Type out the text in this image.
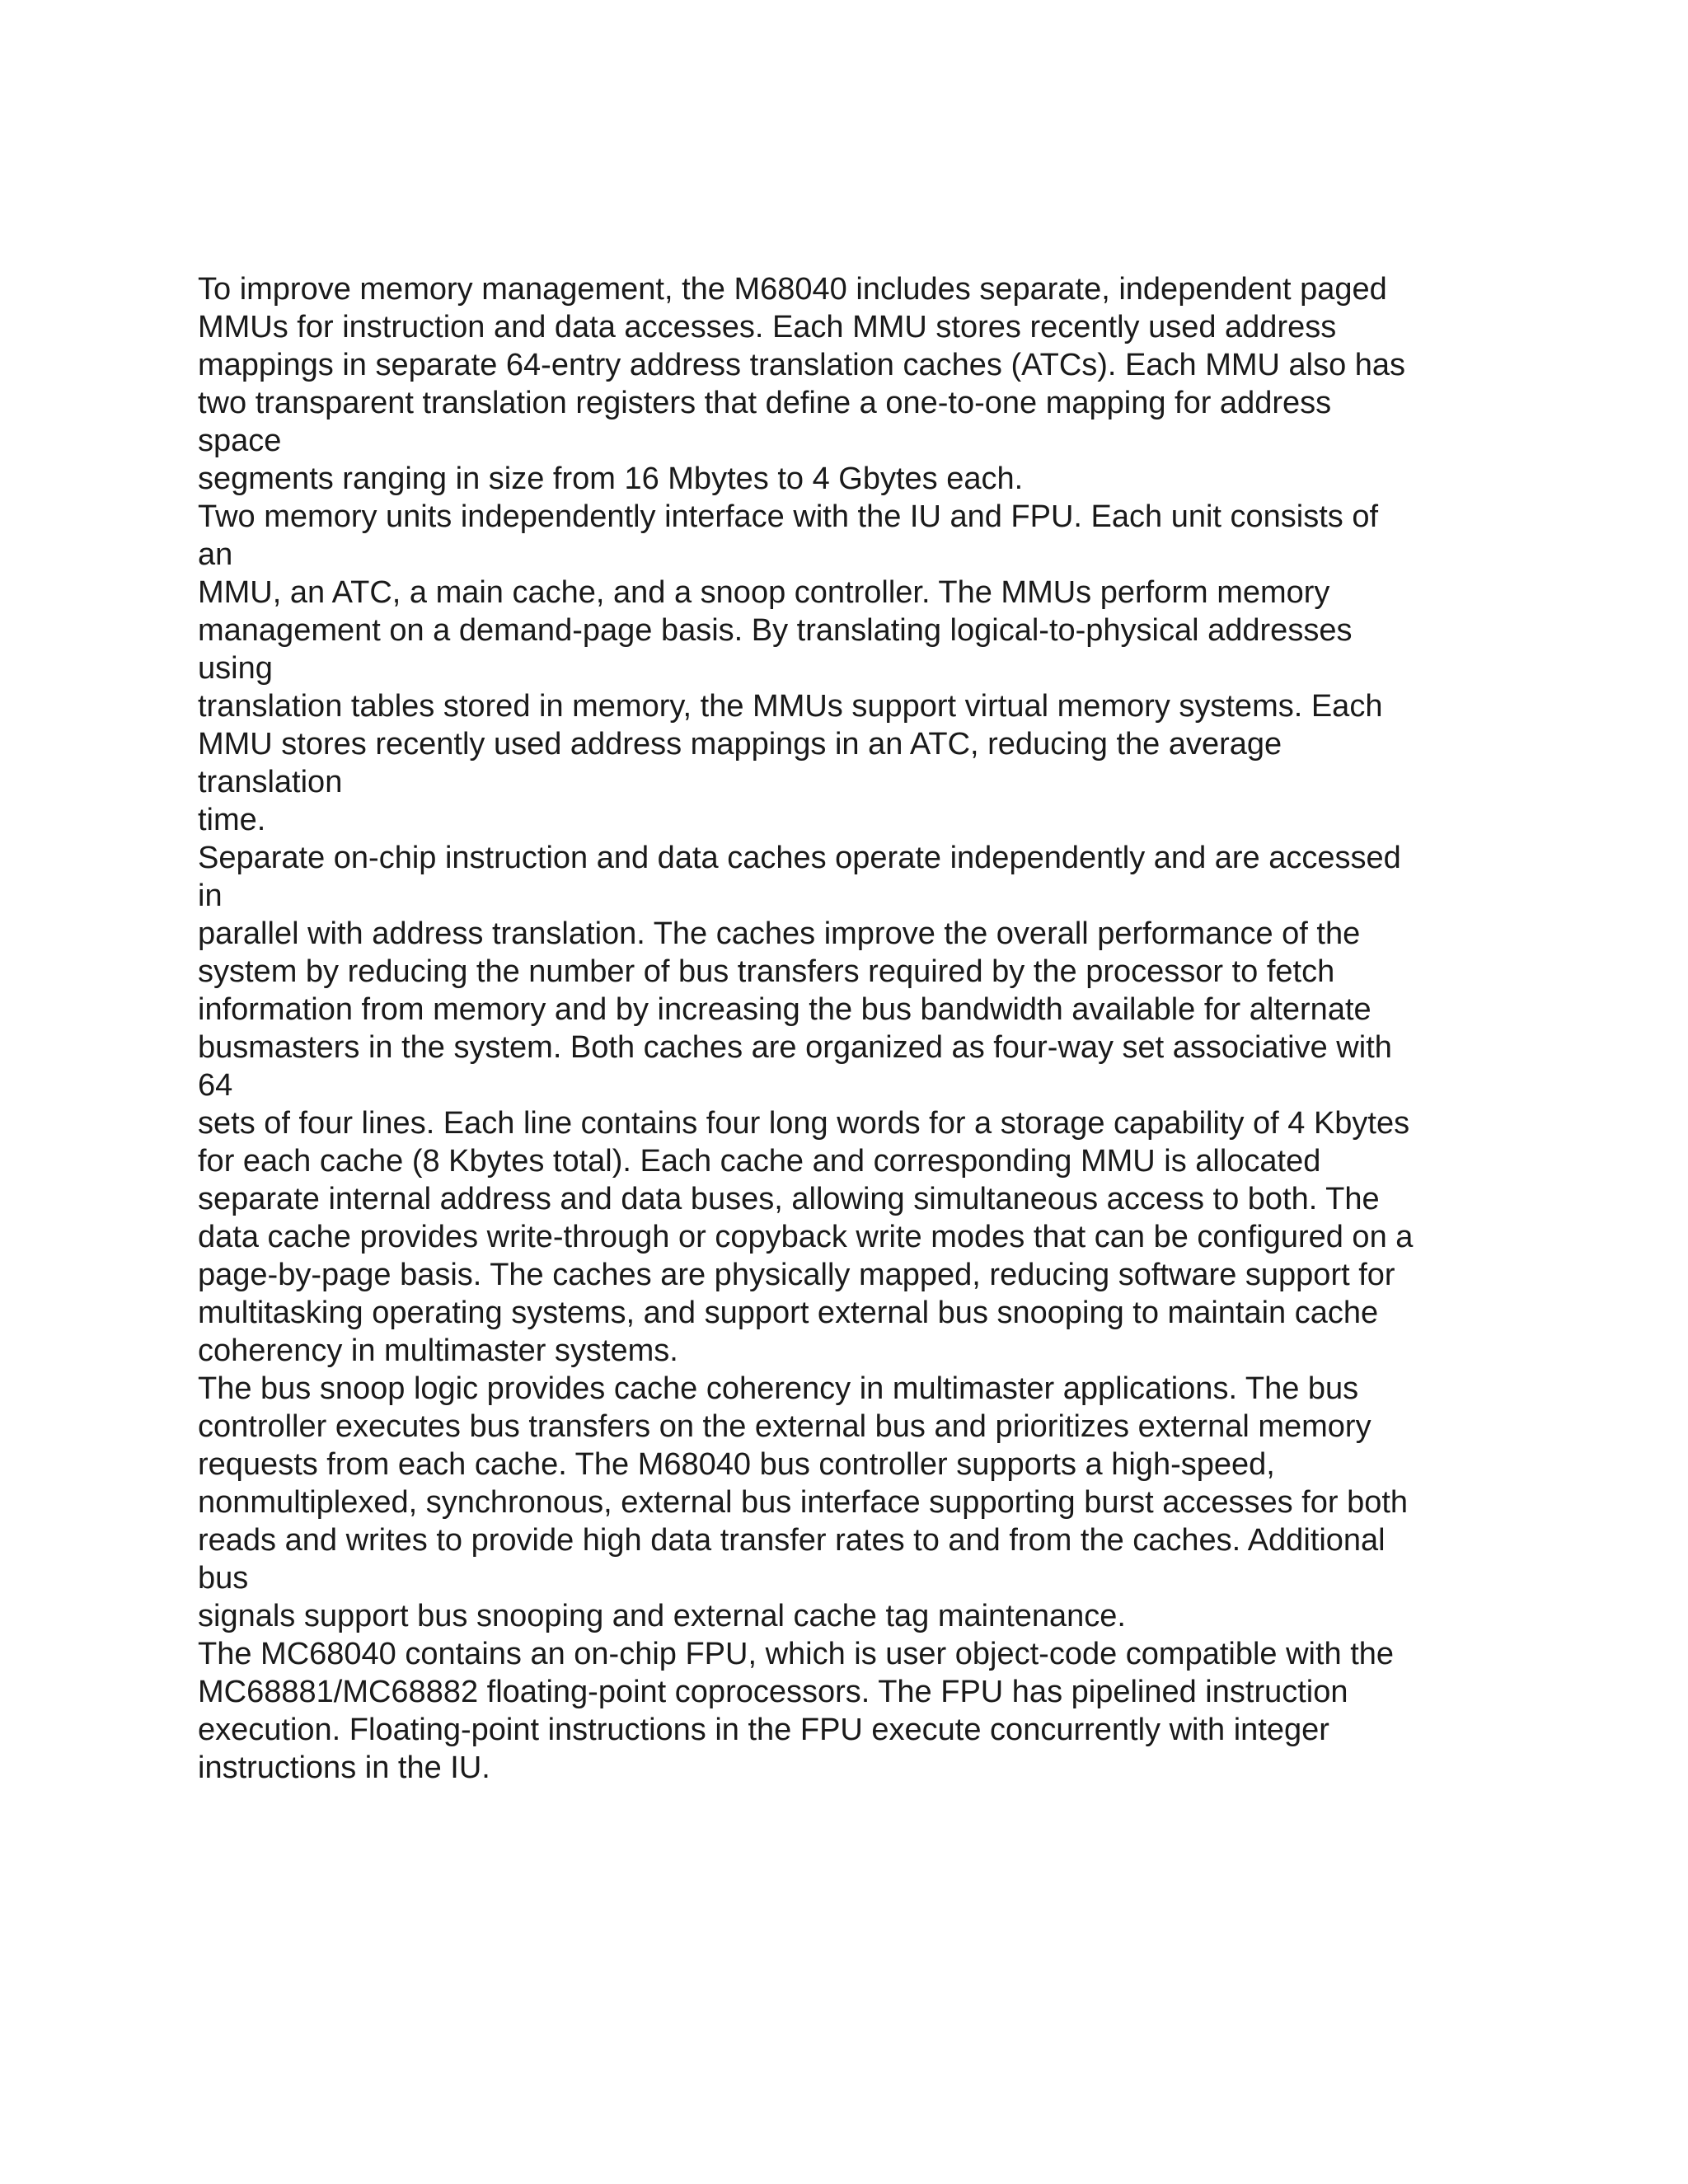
To improve memory management, the M68040 includes separate, independent paged
MMUs for instruction and data accesses. Each MMU stores recently used address
mappings in separate 64-entry address translation caches (ATCs). Each MMU also has
two transparent translation registers that define a one-to-one mapping for address
space
segments ranging in size from 16 Mbytes to 4 Gbytes each.
Two memory units independently interface with the IU and FPU. Each unit consists of
an
MMU, an ATC, a main cache, and a snoop controller. The MMUs perform memory
management on a demand-page basis. By translating logical-to-physical addresses
using
translation tables stored in memory, the MMUs support virtual memory systems. Each
MMU stores recently used address mappings in an ATC, reducing the average
translation
time.
Separate on-chip instruction and data caches operate independently and are accessed
in
parallel with address translation. The caches improve the overall performance of the
system by reducing the number of bus transfers required by the processor to fetch
information from memory and by increasing the bus bandwidth available for alternate
busmasters in the system. Both caches are organized as four-way set associative with
64
sets of four lines. Each line contains four long words for a storage capability of 4 Kbytes
for each cache (8 Kbytes total). Each cache and corresponding MMU is allocated
separate internal address and data buses, allowing simultaneous access to both. The
data cache provides write-through or copyback write modes that can be configured on a
page-by-page basis. The caches are physically mapped, reducing software support for
multitasking operating systems, and support external bus snooping to maintain cache
coherency in multimaster systems.
The bus snoop logic provides cache coherency in multimaster applications. The bus
controller executes bus transfers on the external bus and prioritizes external memory
requests from each cache. The M68040 bus controller supports a high-speed,
nonmultiplexed, synchronous, external bus interface supporting burst accesses for both
reads and writes to provide high data transfer rates to and from the caches. Additional
bus
signals support bus snooping and external cache tag maintenance.
The MC68040 contains an on-chip FPU, which is user object-code compatible with the
MC68881/MC68882 floating-point coprocessors. The FPU has pipelined instruction
execution. Floating-point instructions in the FPU execute concurrently with integer
instructions in the IU.
